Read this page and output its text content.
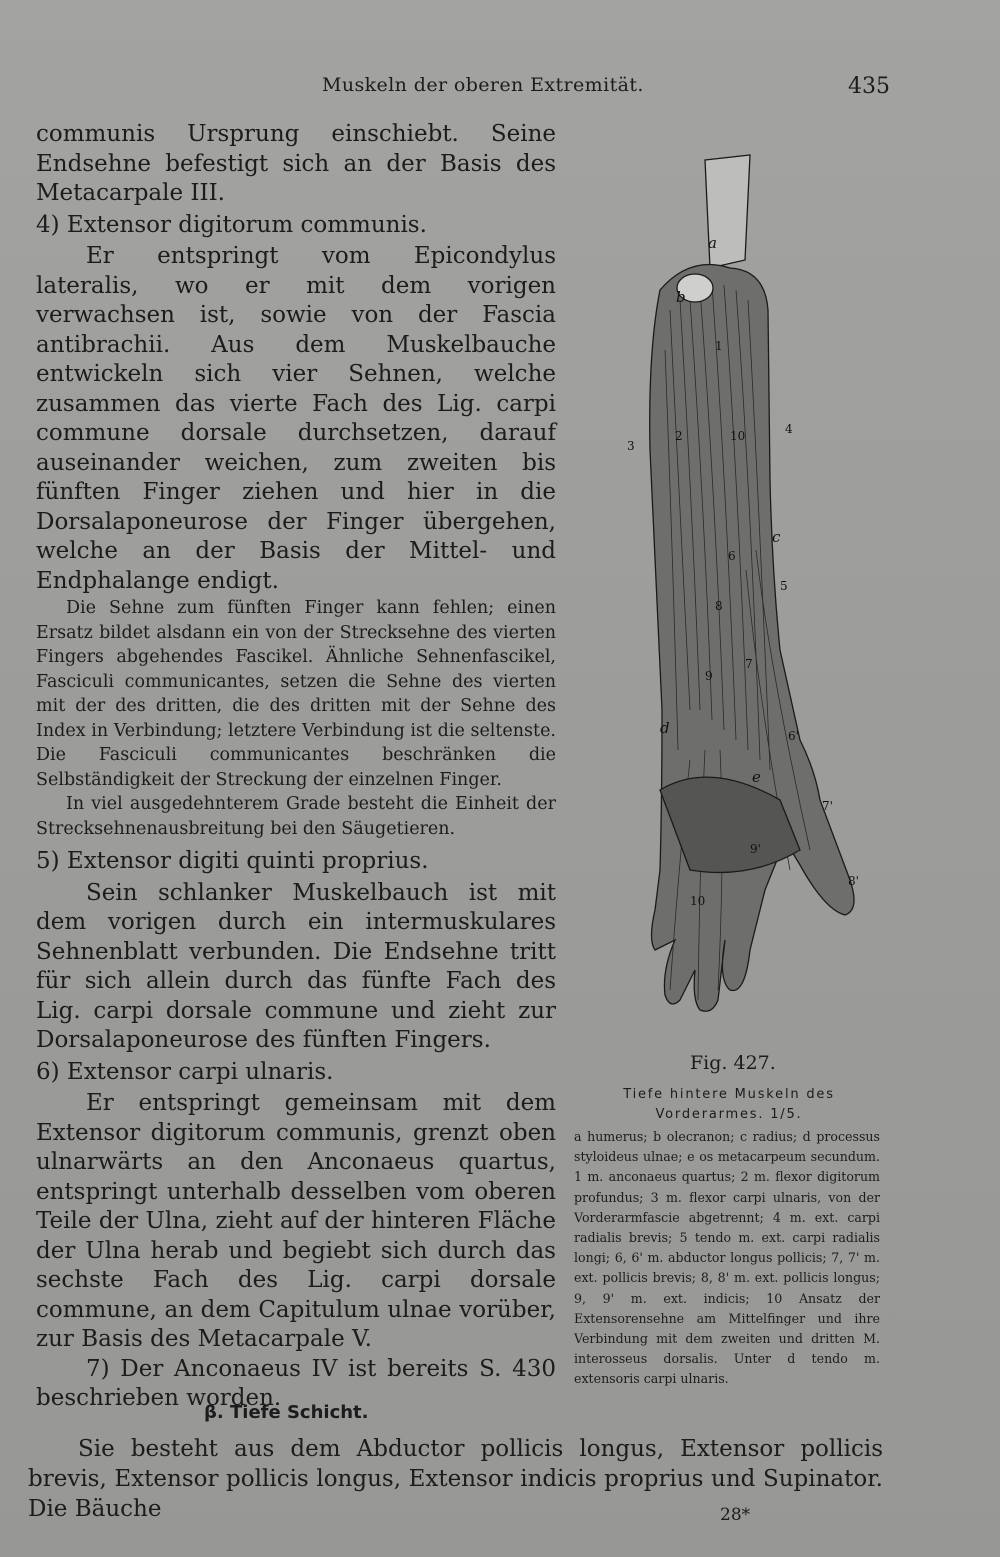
Muskeln der oberen Extremität.	435

communis Ursprung einschiebt. Seine Endsehne befestigt sich an der Basis des Metacarpale III.

4) Extensor digitorum communis.

Er entspringt vom Epicondylus lateralis, wo er mit dem vorigen verwachsen ist, sowie von der Fascia antibrachii. Aus dem Muskelbauche entwickeln sich vier Sehnen, welche zusammen das vierte Fach des Lig. carpi commune dorsale durchsetzen, darauf auseinander weichen, zum zweiten bis fünften Finger ziehen und hier in die Dorsalaponeurose der Finger übergehen, welche an der Basis der Mittel- und Endphalange endigt.

Die Sehne zum fünften Finger kann fehlen; einen Ersatz bildet alsdann ein von der Strecksehne des vierten Fingers abgehendes Fascikel. Ähnliche Sehnenfascikel, Fasciculi communicantes, setzen die Sehne des vierten mit der des dritten, die des dritten mit der Sehne des Index in Verbindung; letztere Verbindung ist die seltenste. Die Fasciculi communicantes beschränken die Selbständigkeit der Streckung der einzelnen Finger.

In viel ausgedehnterem Grade besteht die Einheit der Strecksehnenausbreitung bei den Säugetieren.

5) Extensor digiti quinti proprius.

Sein schlanker Muskelbauch ist mit dem vorigen durch ein intermuskulares Sehnenblatt verbunden. Die Endsehne tritt für sich allein durch das fünfte Fach des Lig. carpi dorsale commune und zieht zur Dorsalaponeurose des fünften Fingers.

6) Extensor carpi ulnaris.

Er entspringt gemeinsam mit dem Extensor digitorum communis, grenzt oben ulnarwärts an den Anconaeus quartus, entspringt unterhalb desselben vom oberen Teile der Ulna, zieht auf der hinteren Fläche der Ulna herab und begiebt sich durch das sechste Fach des Lig. carpi dorsale commune, an dem Capitulum ulnae vorüber, zur Basis des Metacarpale V.

7) Der Anconaeus IV ist bereits S. 430 beschrieben worden.

a
b
c
d
e
1
2
3
4
5
6
6'
7
7'
8
8'
9
9'
10
10
Fig. 427.
Tiefe hintere Muskeln des Vorderarmes. 1/5.
a humerus; b olecranon; c radius; d processus styloideus ulnae; e os metacarpeum secundum. 1 m. anconaeus quartus; 2 m. flexor digitorum profundus; 3 m. flexor carpi ulnaris, von der Vorderarmfascie abgetrennt; 4 m. ext. carpi radialis brevis; 5 tendo m. ext. carpi radialis longi; 6, 6' m. abductor longus pollicis; 7, 7' m. ext. pollicis brevis; 8, 8' m. ext. pollicis longus; 9, 9' m. ext. indicis; 10 Ansatz der Extensorensehne am Mittelfinger und ihre Verbindung mit dem zweiten und dritten M. interosseus dorsalis. Unter d tendo m. extensoris carpi ulnaris.
β. Tiefe Schicht.
Sie besteht aus dem Abductor pollicis longus, Extensor pollicis brevis, Extensor pollicis longus, Extensor indicis proprius und Supinator. Die Bäuche	28*
